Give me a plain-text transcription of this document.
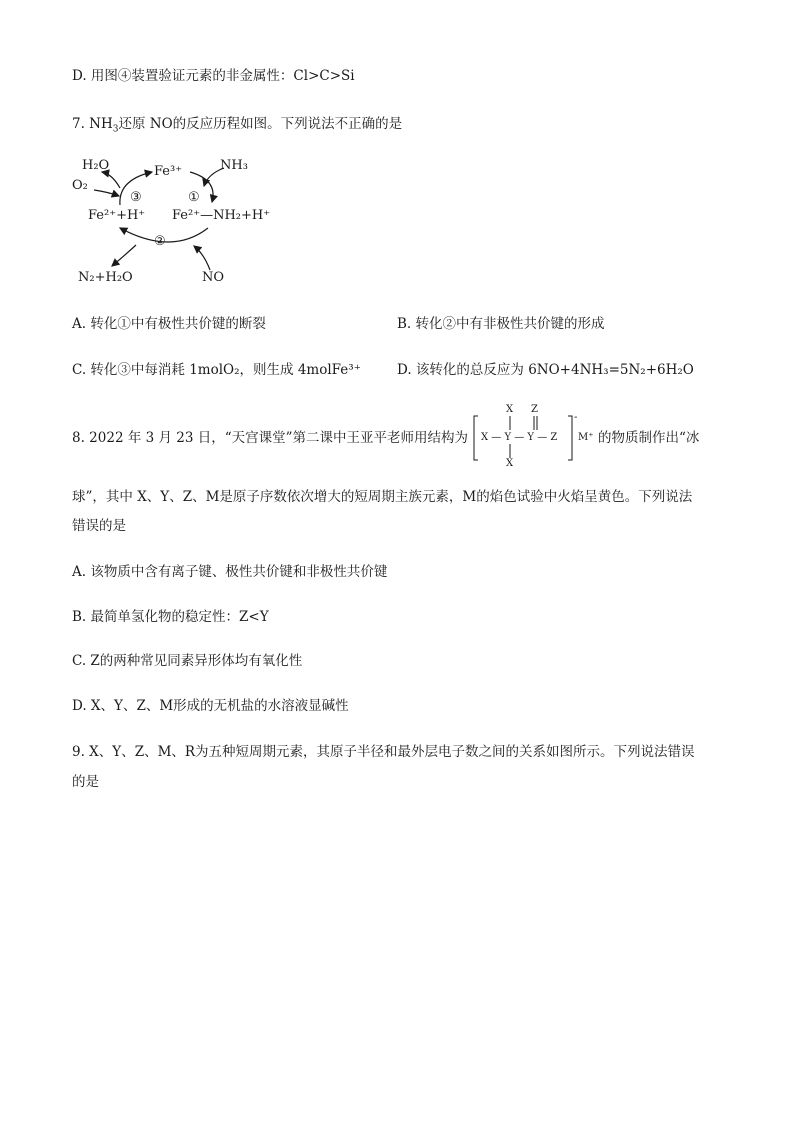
D. 用图④装置验证元素的非金属性：Cl>C>Si
7. $NH_3$还原 NO的反应历程如图。下列说法不正确的是
H₂O	Fe³⁺	NH₃
O₂
③	①
Fe²⁺+H⁺ Fe²⁺—NH₂+H⁺
②
N₂+H₂O	NO
A. 转化①中有极性共价键的断裂	B. 转化②中有非极性共价键的形成
C. 转化③中每消耗 1molO₂，则生成 4molFe³⁺	D. 该转化的总反应为 6NO+4NH₃=5N₂+6H₂O
8. 2022 年 3 月 23 日，“天宫课堂”第二课中王亚平老师用结构为
X Z
X — Y — Y — Z
X
-
M⁺ 的物质制作出“冰
球”，其中 X、Y、Z、M是原子序数依次增大的短周期主族元素，M的焰色试验中火焰呈黄色。下列说法
错误的是
A. 该物质中含有离子键、极性共价键和非极性共价键
B. 最简单氢化物的稳定性：Z<Y
C. Z的两种常见同素异形体均有氧化性
D. X、Y、Z、M形成的无机盐的水溶液显碱性
9. X、Y、Z、M、R为五种短周期元素，其原子半径和最外层电子数之间的关系如图所示。下列说法错误
的是
